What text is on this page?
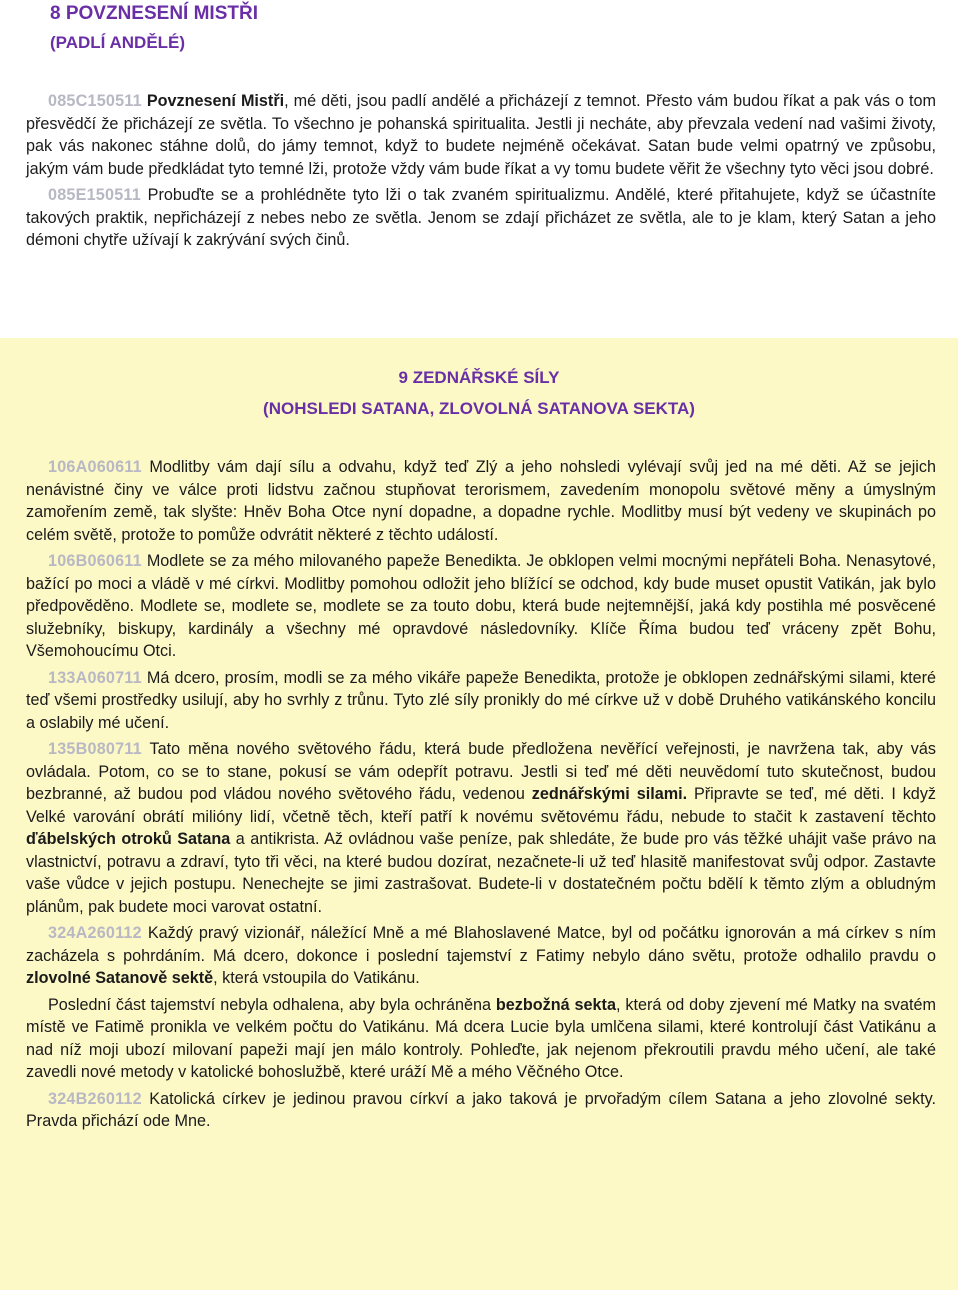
8 POVZNESENÍ MISTŘI
(PADLÍ ANDĚLÉ)

085C150511 Povznesení Mistři, mé děti, jsou padlí andělé a přicházejí z temnot. Přesto vám budou říkat a pak vás o tom přesvědčí že přicházejí ze světla. To všechno je pohanská spiritualita. Jestli ji necháte, aby převzala vedení nad vašimi životy, pak vás nakonec stáhne dolů, do jámy temnot, když to budete nejméně očekávat. Satan bude velmi opatrný ve způsobu, jakým vám bude předkládat tyto temné lži, protože vždy vám bude říkat a vy tomu budete věřit že všechny tyto věci jsou dobré.

085E150511 Probuďte se a prohlédněte tyto lži o tak zvaném spiritualizmu. Andělé, které přitahujete, když se účastníte takových praktik, nepřicházejí z nebes nebo ze světla. Jenom se zdají přicházet ze světla, ale to je klam, který Satan a jeho démoni chytře užívají k zakrývání svých činů.

9 ZEDNÁŘSKÉ SÍLY
(NOHSLEDI SATANA, ZLOVOLNÁ SATANOVA SEKTA)

106A060611 Modlitby vám dají sílu a odvahu, když teď Zlý a jeho nohsledi vylévají svůj jed na mé děti. Až se jejich nenávistné činy ve válce proti lidstvu začnou stupňovat terorismem, zavedením monopolu světové měny a úmyslným zamořením země, tak slyšte: Hněv Boha Otce nyní dopadne, a dopadne rychle. Modlitby musí být vedeny ve skupinách po celém světě, protože to pomůže odvrátit některé z těchto událostí.

106B060611 Modlete se za mého milovaného papeže Benedikta. Je obklopen velmi mocnými nepřáteli Boha. Nenasytové, bažící po moci a vládě v mé církvi. Modlitby pomohou odložit jeho blížící se odchod, kdy bude muset opustit Vatikán, jak bylo předpověděno. Modlete se, modlete se, modlete se za touto dobu, která bude nejtemnější, jaká kdy postihla mé posvěcené služebníky, biskupy, kardinály a všechny mé opravdové následovníky. Klíče Říma budou teď vráceny zpět Bohu, Všemohoucímu Otci.

133A060711 Má dcero, prosím, modli se za mého vikáře papeže Benedikta, protože je obklopen zednářskými silami, které teď všemi prostředky usilují, aby ho svrhly z trůnu. Tyto zlé síly pronikly do mé církve už v době Druhého vatikánského koncilu a oslabily mé učení.

135B080711 Tato měna nového světového řádu, která bude předložena nevěřící veřejnosti, je navržena tak, aby vás ovládala. Potom, co se to stane, pokusí se vám odepřít potravu. Jestli si teď mé děti neuvědomí tuto skutečnost, budou bezbranné, až budou pod vládou nového světového řádu, vedenou zednářskými silami. Připravte se teď, mé děti. I když Velké varování obrátí milióny lidí, včetně těch, kteří patří k novému světovému řádu, nebude to stačit k zastavení těchto ďábelských otroků Satana a antikrista. Až ovládnou vaše peníze, pak shledáte, že bude pro vás těžké uhájit vaše právo na vlastnictví, potravu a zdraví, tyto tři věci, na které budou dozírat, nezačnete-li už teď hlasitě manifestovat svůj odpor. Zastavte vaše vůdce v jejich postupu. Nenechejte se jimi zastrašovat. Budete-li v dostatečném počtu bdělí k těmto zlým a obludným plánům, pak budete moci varovat ostatní.

324A260112 Každý pravý vizionář, náležící Mně a mé Blahoslavené Matce, byl od počátku ignorován a má církev s ním zacházela s pohrdáním. Má dcero, dokonce i poslední tajemství z Fatimy nebylo dáno světu, protože odhalilo pravdu o zlovolné Satanově sektě, která vstoupila do Vatikánu.

Poslední část tajemství nebyla odhalena, aby byla ochráněna bezbožná sekta, která od doby zjevení mé Matky na svatém místě ve Fatimě pronikla ve velkém počtu do Vatikánu. Má dcera Lucie byla umlčena silami, které kontrolují část Vatikánu a nad níž moji ubozí milovaní papeži mají jen málo kontroly. Pohleďte, jak nejenom překroutili pravdu mého učení, ale také zavedli nové metody v katolické bohoslužbě, které uráží Mě a mého Věčného Otce.

324B260112 Katolická církev je jedinou pravou církví a jako taková je prvořadým cílem Satana a jeho zlovolné sekty. Pravda přichází ode Mne.
